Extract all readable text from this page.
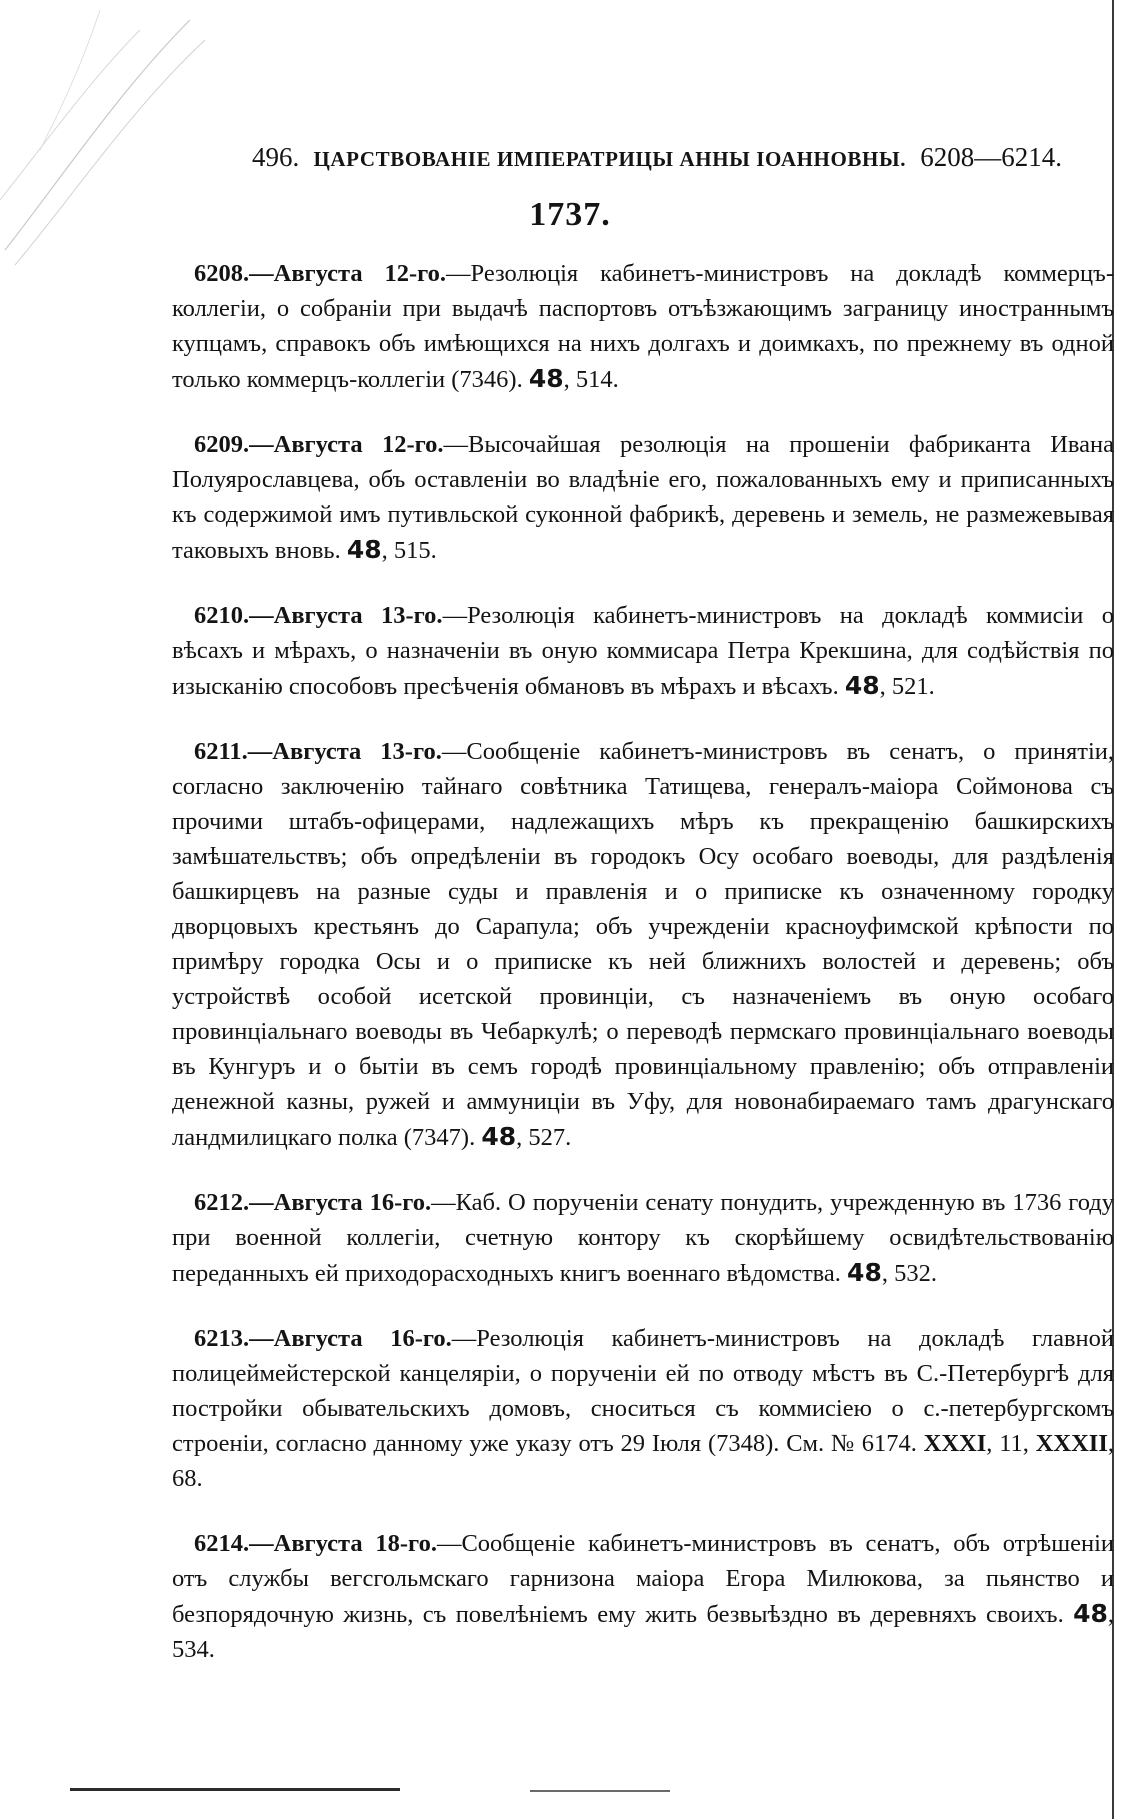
496. ЦАРСТВОВАНІЕ ИМПЕРАТРИЦЫ АННЫ ІОАННОВНЫ. 6208—6214.
1737.

6208.—Августа 12-го.—Резолюція кабинетъ-министровъ на докладѣ коммерцъ-коллегіи, о собраніи при выдачѣ паспортовъ отъѣзжающимъ заграницу иностраннымъ купцамъ, справокъ объ имѣющихся на нихъ долгахъ и доимкахъ, по прежнему въ одной только коммерцъ-коллегіи (7346). 48, 514.

6209.—Августа 12-го.—Высочайшая резолюція на прошеніи фабриканта Ивана Полуярославцева, объ оставленіи во владѣніе его, пожалованныхъ ему и приписанныхъ къ содержимой имъ путивльской суконной фабрикѣ, деревень и земель, не размежевывая таковыхъ вновь. 48, 515.

6210.—Августа 13-го.—Резолюція кабинетъ-министровъ на докладѣ коммисіи о вѣсахъ и мѣрахъ, о назначеніи въ оную коммисара Петра Крекшина, для содѣйствія по изысканію способовъ пресѣченія обмановъ въ мѣрахъ и вѣсахъ. 48, 521.

6211.—Августа 13-го.—Сообщеніе кабинетъ-министровъ въ сенатъ, о принятіи, согласно заключенію тайнаго совѣтника Татищева, генералъ-маіора Соймонова съ прочими штабъ-офицерами, надлежащихъ мѣръ къ прекращенію башкирскихъ замѣшательствъ; объ опредѣленіи въ городокъ Осу особаго воеводы, для раздѣленія башкирцевъ на разные суды и правленія и о приписке къ означенному городку дворцовыхъ крестьянъ до Сарапула; объ учрежденіи красноуфимской крѣпости по примѣру городка Осы и о приписке къ ней ближнихъ волостей и деревень; объ устройствѣ особой исетской провинціи, съ назначеніемъ въ оную особаго провинціальнаго воеводы въ Чебаркулѣ; о переводѣ пермскаго провинціальнаго воеводы въ Кунгуръ и о бытіи въ семъ городѣ провинціальному правленію; объ отправленіи денежной казны, ружей и аммуниціи въ Уфу, для новонабираемаго тамъ драгунскаго ландмилицкаго полка (7347). 48, 527.

6212.—Августа 16-го.—Каб. О порученіи сенату понудить, учрежденную въ 1736 году при военной коллегіи, счетную контору къ скорѣйшему освидѣтельствованію переданныхъ ей приходорасходныхъ книгъ военнаго вѣдомства. 48, 532.

6213.—Августа 16-го.—Резолюція кабинетъ-министровъ на докладѣ главной полицеймейстерской канцеляріи, о порученіи ей по отводу мѣстъ въ С.-Петербургѣ для постройки обывательскихъ домовъ, сноситься съ коммисіею о с.-петербургскомъ строеніи, согласно данному уже указу отъ 29 Іюля (7348). См. № 6174. XXXI, 11, XXXII, 68.

6214.—Августа 18-го.—Сообщеніе кабинетъ-министровъ въ сенатъ, объ отрѣшеніи отъ службы вегсгольмскаго гарнизона маіора Егора Милюкова, за пьянство и безпорядочную жизнь, съ повелѣніемъ ему жить безвыѣздно въ деревняхъ своихъ. 48, 534.
